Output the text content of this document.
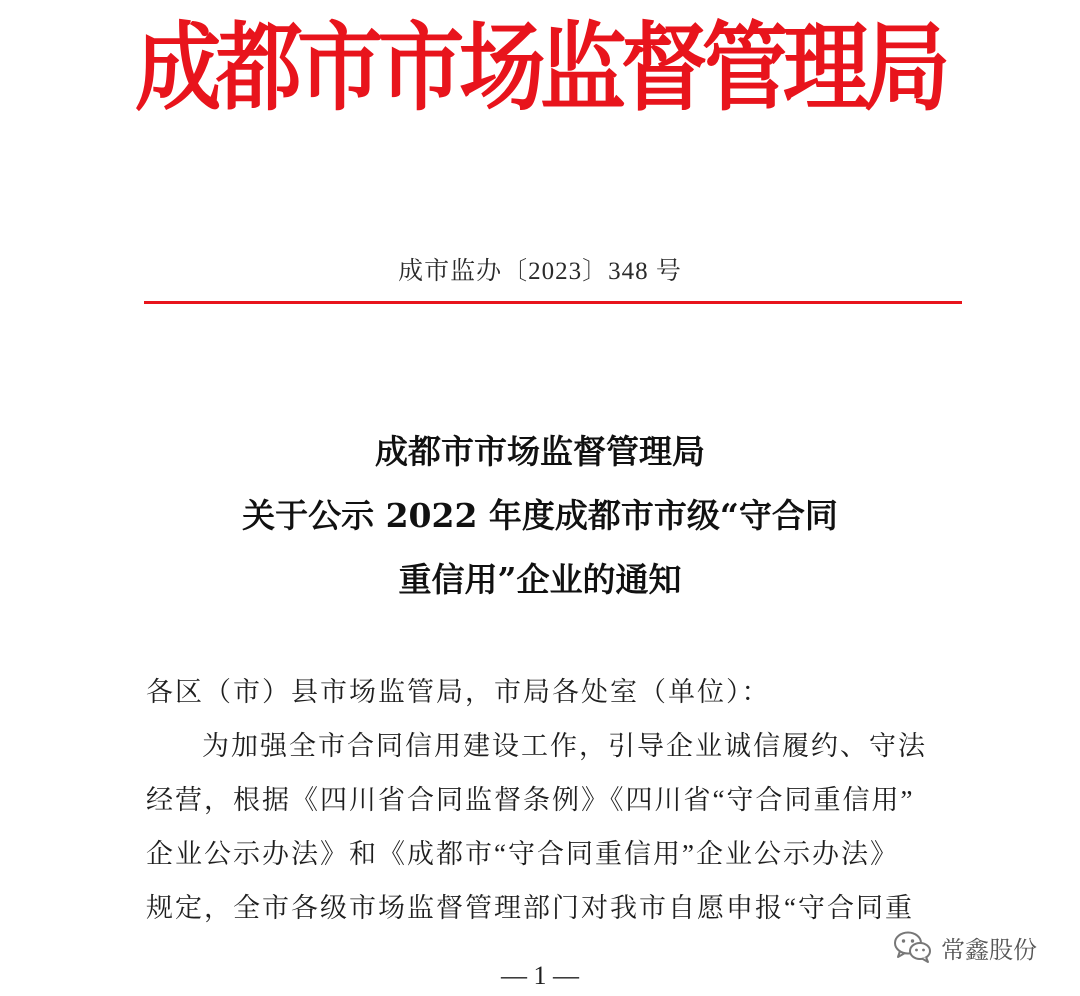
成都市市场监督管理局
成市监办〔2023〕348 号
成都市市场监督管理局
关于公示 2022 年度成都市市级“守合同
重信用”企业的通知
各区（市）县市场监管局，市局各处室（单位）：
为加强全市合同信用建设工作，引导企业诚信履约、守法
经营，根据《四川省合同监督条例》《四川省“守合同重信用”
企业公示办法》和《成都市“守合同重信用”企业公示办法》
规定，全市各级市场监督管理部门对我市自愿申报“守合同重
常鑫股份
— 1 —
